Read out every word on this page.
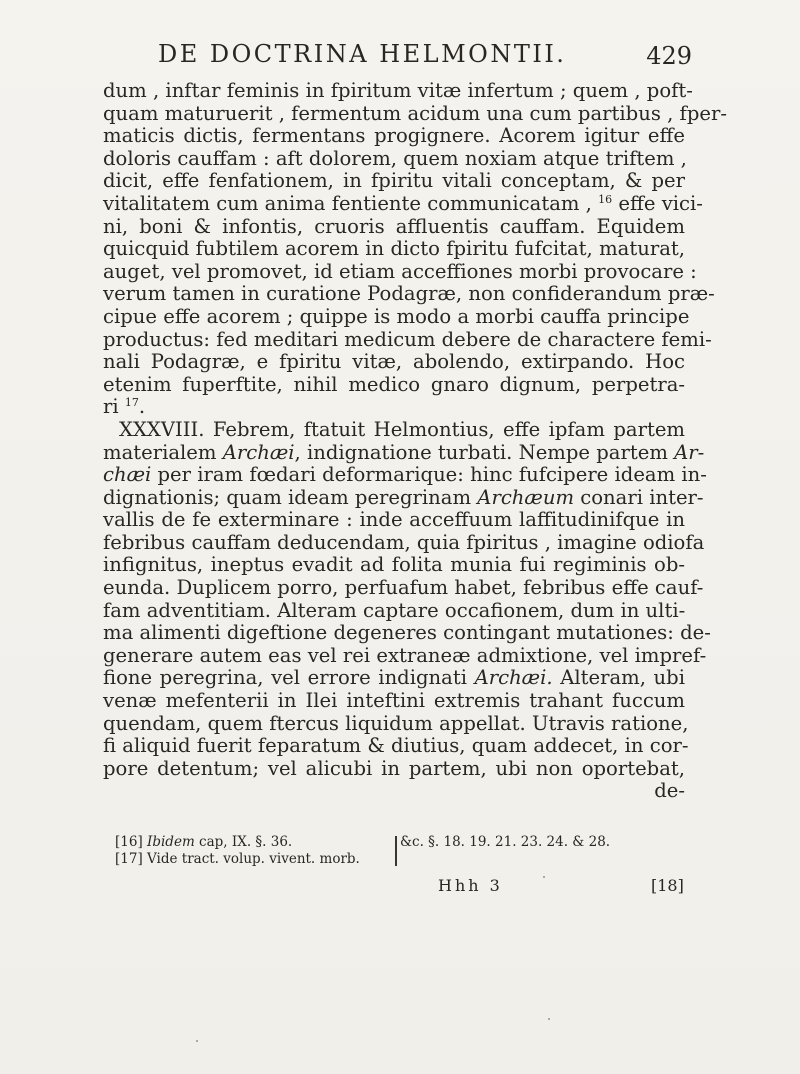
DE DOCTRINA HELMONTII.	429
dum , inftar feminis in fpiritum vitæ infertum ; quem , poft-
quam maturuerit , fermentum acidum una cum partibus , fper-
maticis dictis, fermentans progignere. Acorem igitur effe
doloris cauffam : aft dolorem, quem noxiam atque triftem ,
dicit, effe fenfationem, in fpiritu vitali conceptam, & per
vitalitatem cum anima fentiente communicatam , $^{16}$ effe vici-
ni, boni & infontis, cruoris affluentis cauffam. Equidem
quicquid fubtilem acorem in dicto fpiritu fufcitat, maturat,
auget, vel promovet, id etiam acceffiones morbi provocare :
verum tamen in curatione Podagræ, non confiderandum præ-
cipue effe acorem ; quippe is modo a morbi cauffa principe
productus: fed meditari medicum debere de charactere femi-
nali Podagræ, e fpiritu vitæ, abolendo, extirpando. Hoc
etenim fuperftite, nihil medico gnaro dignum, perpetra-
ri $^{17}$.
XXXVIII. Febrem, ftatuit Helmontius, effe ipfam partem
materialem Archæi, indignatione turbati. Nempe partem Ar-
chæi per iram fœdari deformarique: hinc fufcipere ideam in-
dignationis; quam ideam peregrinam Archæum conari inter-
vallis de fe exterminare : inde acceffuum laffitudinifque in
febribus cauffam deducendam, quia fpiritus , imagine odiofa
infignitus, ineptus evadit ad folita munia fui regiminis ob-
eunda. Duplicem porro, perfuafum habet, febribus effe cauf-
fam adventitiam. Alteram captare occafionem, dum in ulti-
ma alimenti digeftione degeneres contingant mutationes: de-
generare autem eas vel rei extraneæ admixtione, vel impref-
fione peregrina, vel errore indignati Archæi. Alteram, ubi
venæ mefenterii in Ilei inteftini extremis trahant fuccum
quendam, quem ftercus liquidum appellat. Utravis ratione,
fi aliquid fuerit feparatum & diutius, quam addecet, in cor-
pore detentum; vel alicubi in partem, ubi non oportebat,
de-
[16] Ibidem cap, IX. §. 36.
[17] Vide tract. volup. vivent. morb.
&c. §. 18. 19. 21. 23. 24. & 28.
Hhh 3	[18]
